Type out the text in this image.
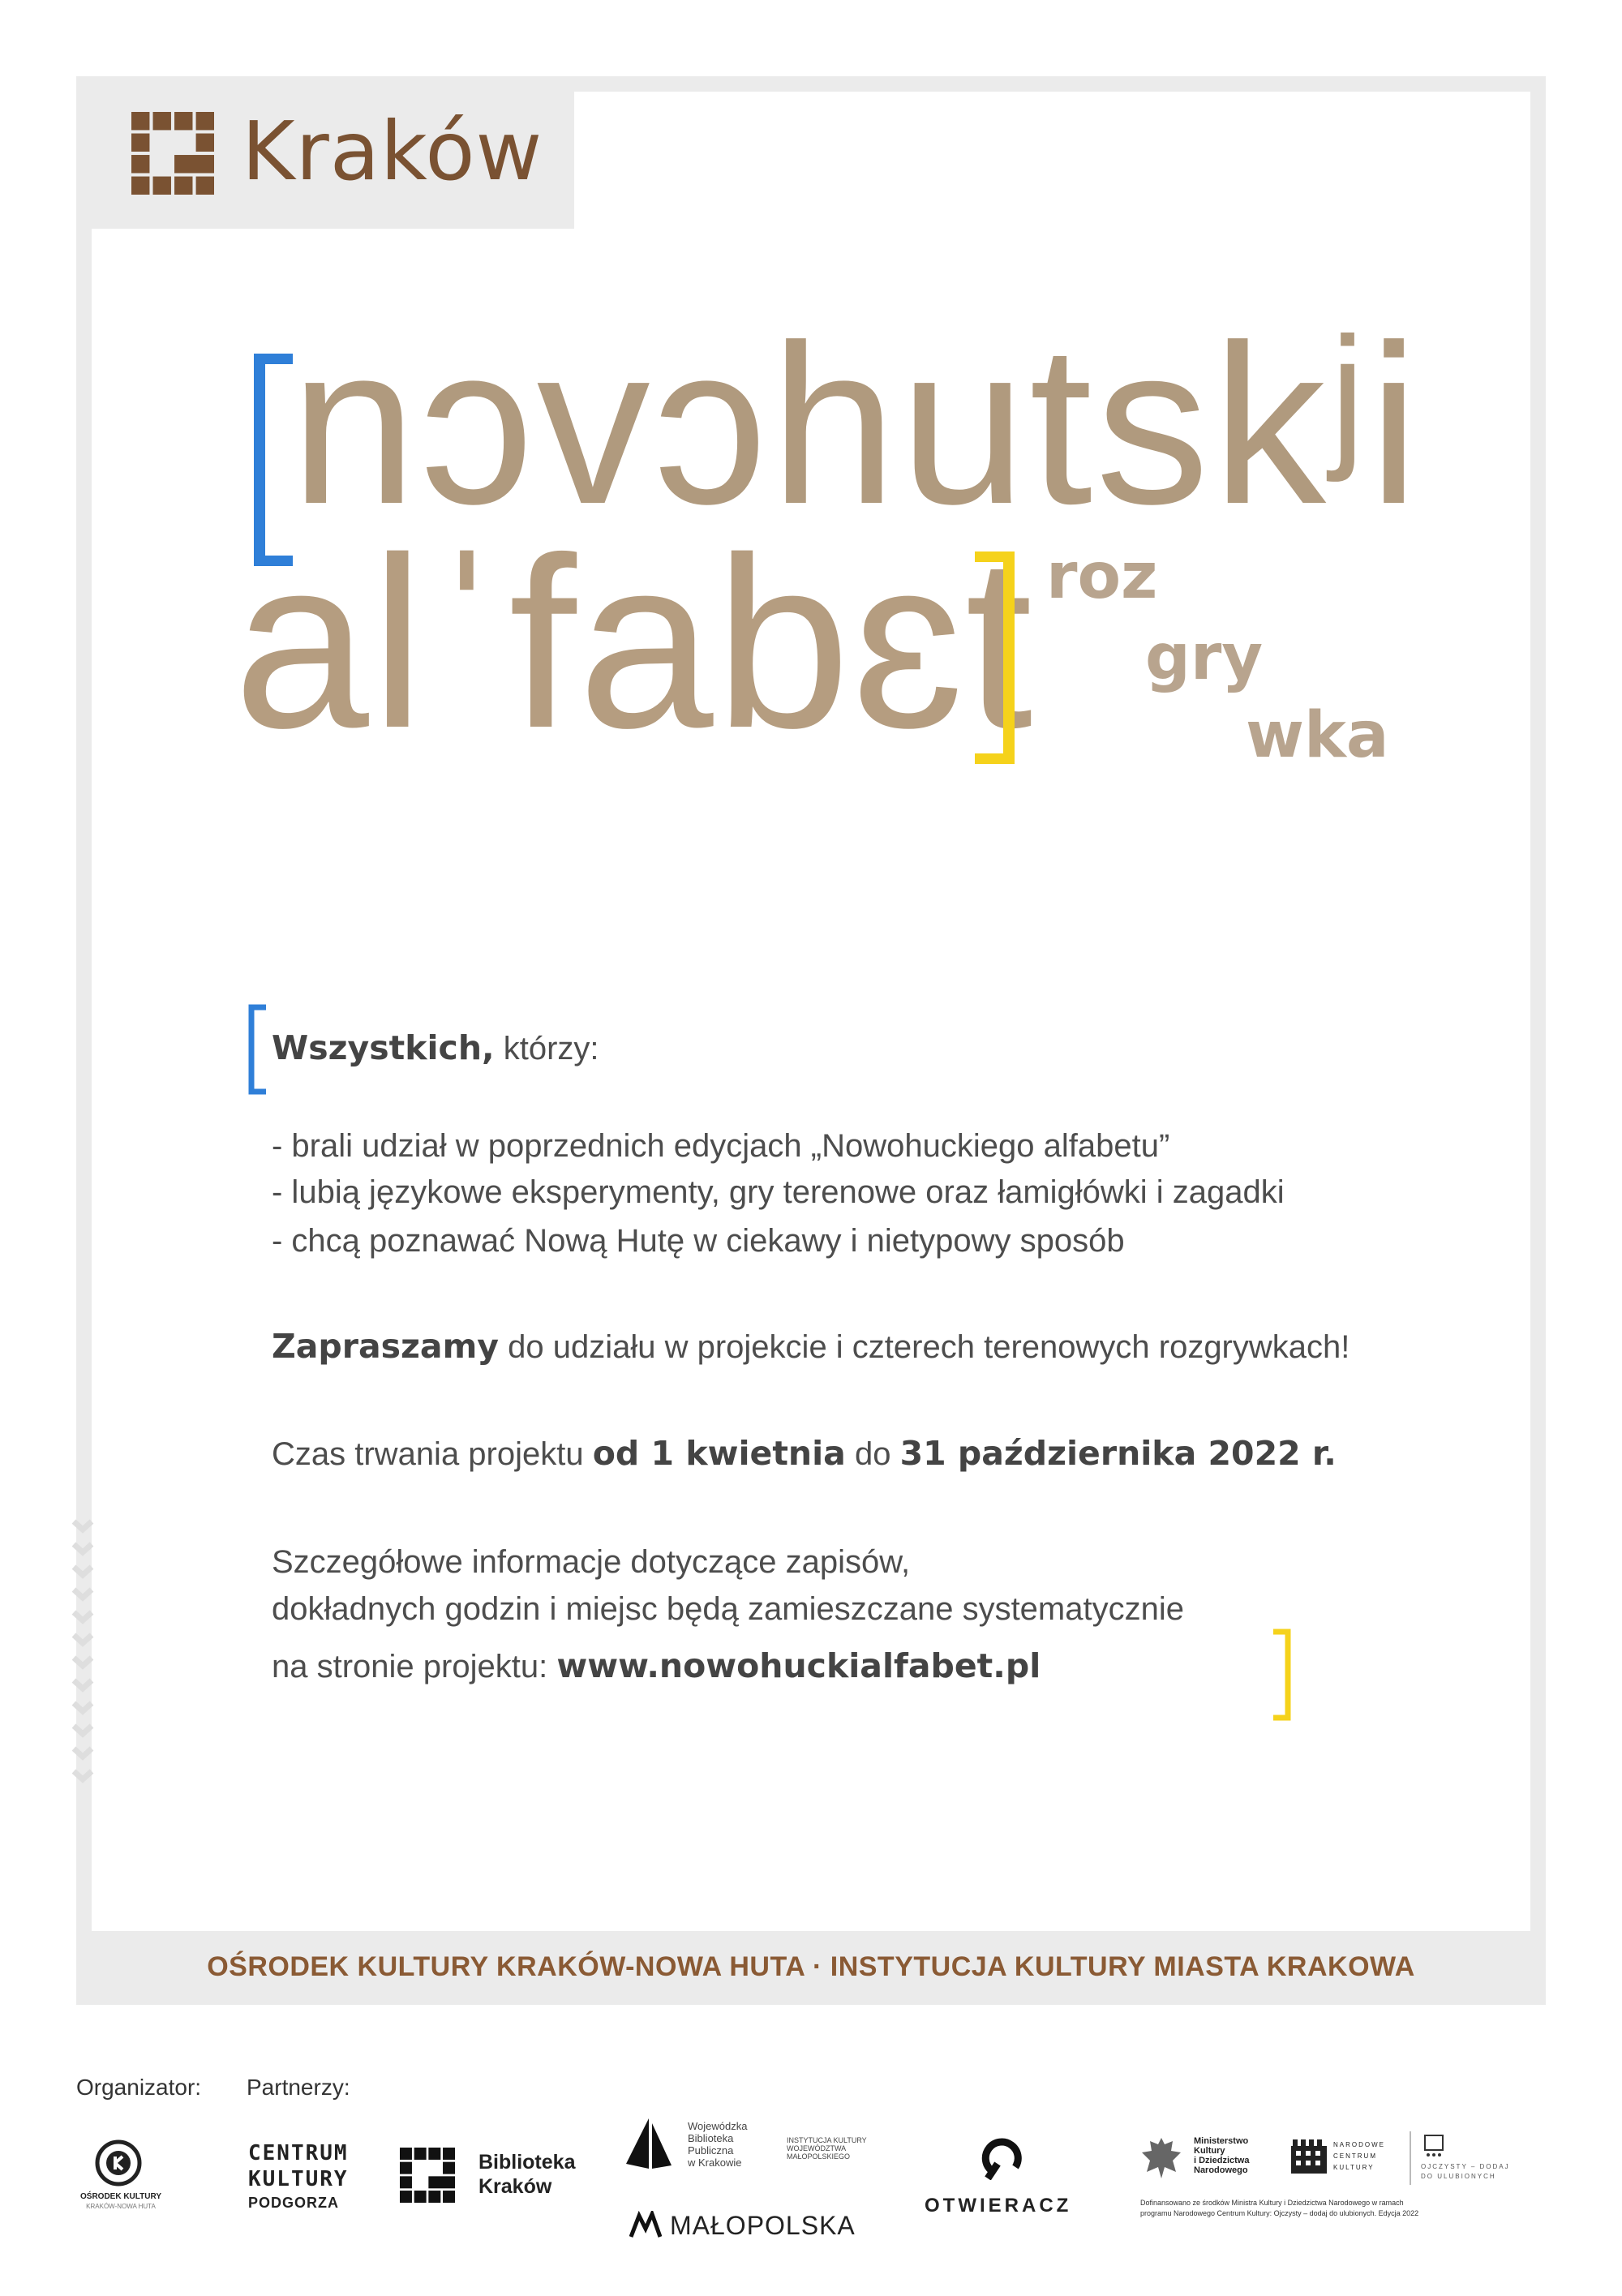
Kraków
nɔvɔhutskʲi
alˈfabɛt roz
gry
wka
Wszystkich, którzy:
- brali udział w poprzednich edycjach „Nowohuckiego alfabetu”
- lubią językowe eksperymenty, gry terenowe oraz łamigłówki i zagadki
- chcą poznawać Nową Hutę w ciekawy i nietypowy sposób
Zapraszamy do udziału w projekcie i czterech terenowych rozgrywkach!
Czas trwania projektu od 1 kwietnia do 31 października 2022 r.
Szczegółowe informacje dotyczące zapisów,
dokładnych godzin i miejsc będą zamieszczane systematycznie
na stronie projektu: www.nowohuckialfabet.pl
OŚRODEK KULTURY KRAKÓW-NOWA HUTA · INSTYTUCJA KULTURY MIASTA KRAKOWA
Organizator: Partnerzy:
OŚRODEK KULTURY
KRAKÓW-NOWA HUTA
CENTRUM
KULTURY
PODGORZA
Biblioteka
Kraków
Wojewódzka
Biblioteka
Publiczna
w Krakowie
INSTYTUCJA KULTURY
WOJEWÓDZTWA
MAŁOPOLSKIEGO
MAŁOPOLSKA
OTWIERACZ
Ministerstwo
Kultury
i Dziedzictwa
Narodowego
NARODOWE
CENTRUM
KULTURY	OJCZYSTY – DODAJ
DO ULUBIONYCH
Dofinansowano ze środków Ministra Kultury i Dziedzictwa Narodowego w ramach
programu Narodowego Centrum Kultury: Ojczysty – dodaj do ulubionych. Edycja 2022
